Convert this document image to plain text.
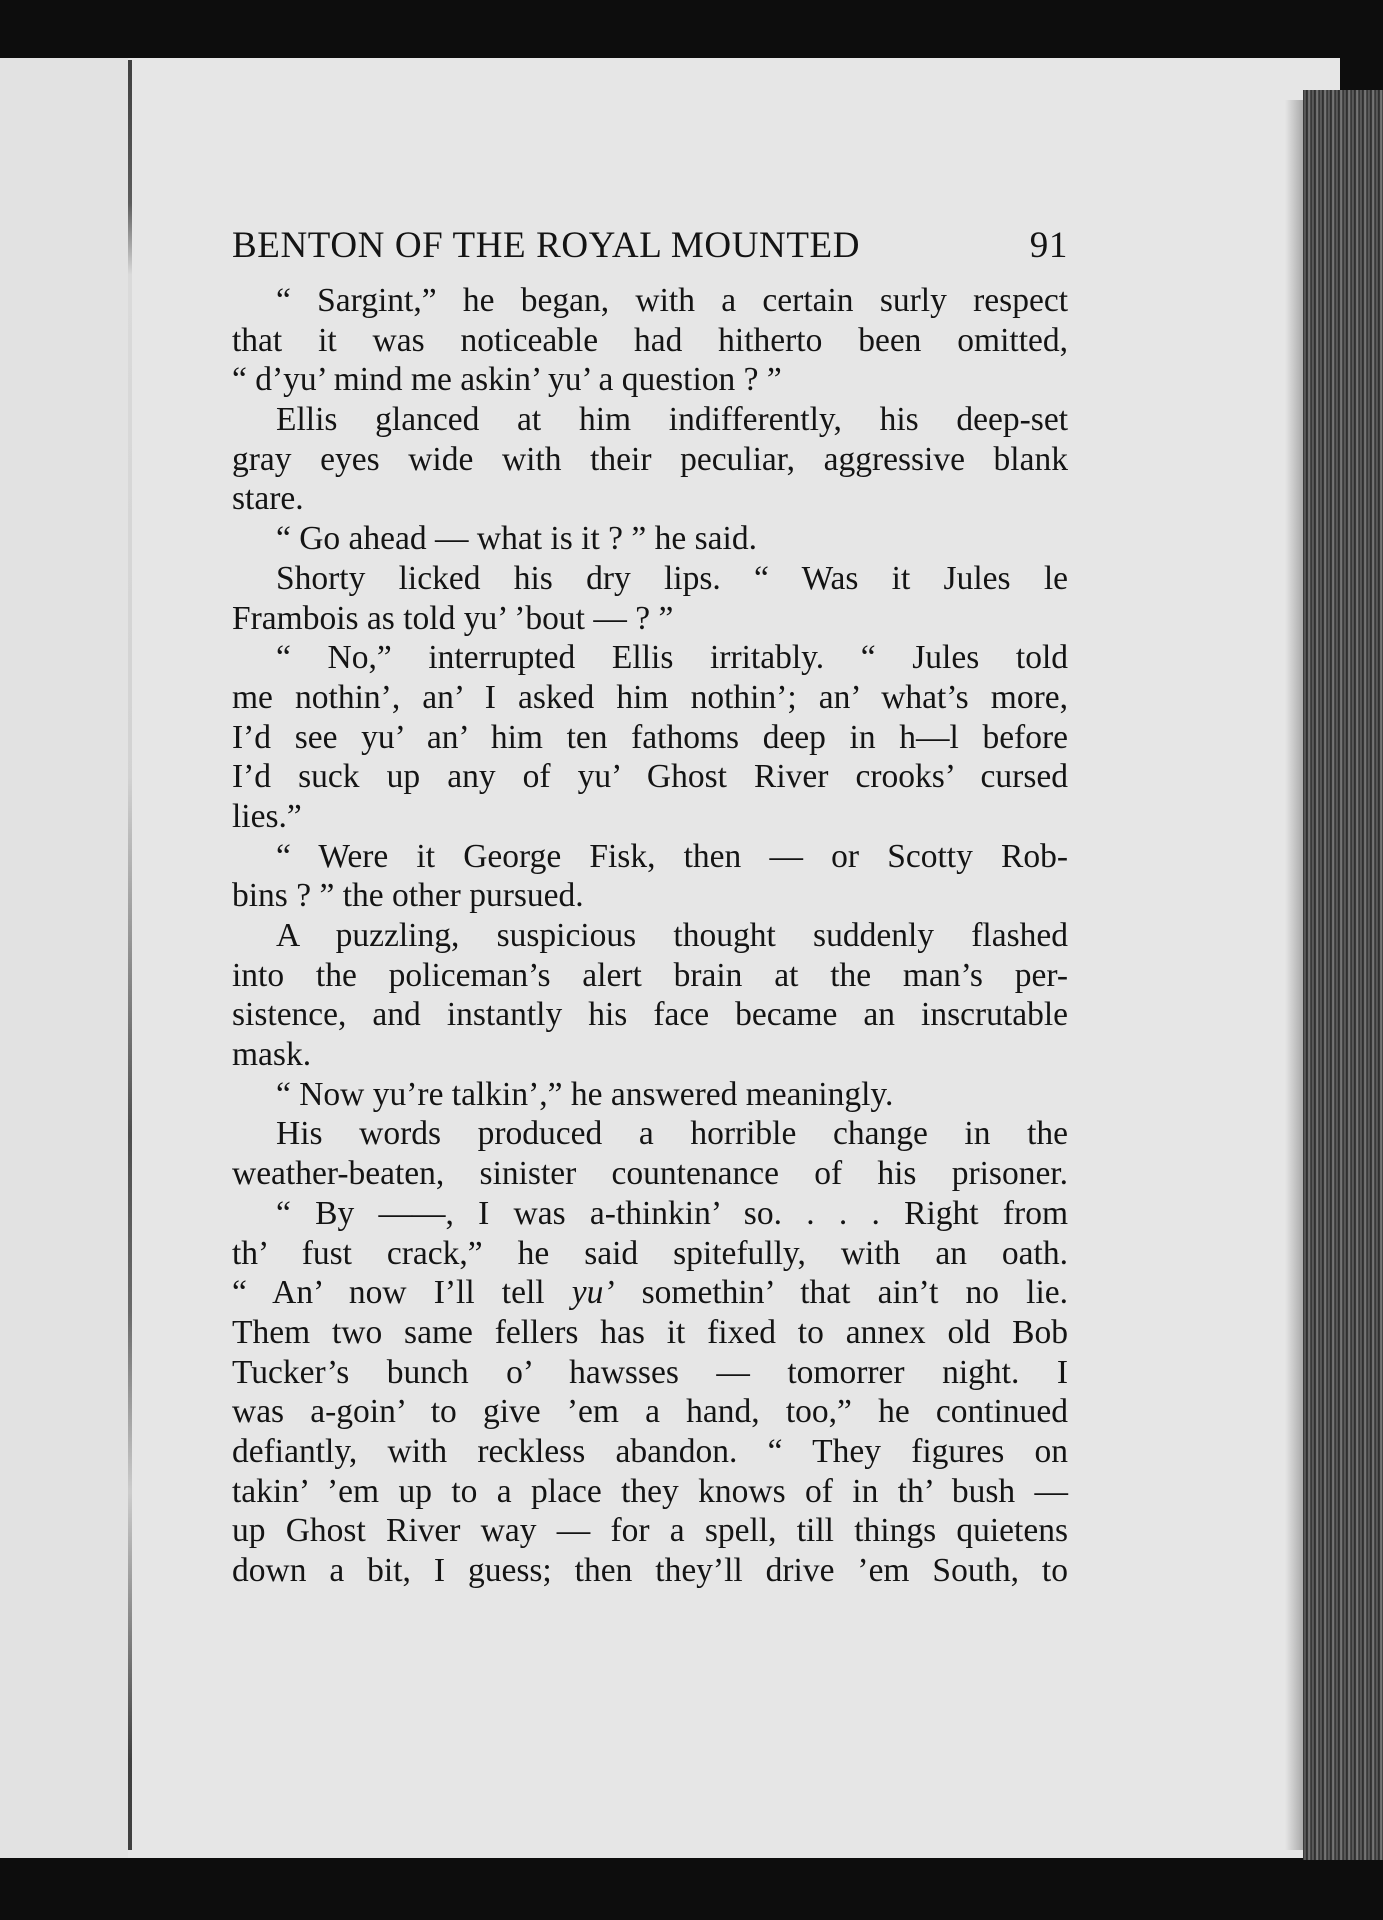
BENTON OF THE ROYAL MOUNTED	91
“ Sargint,” he began, with a certain surly respect
that it was noticeable had hitherto been omitted,
“ d’yu’ mind me askin’ yu’ a question ? ”
Ellis glanced at him indifferently, his deep-set
gray eyes wide with their peculiar, aggressive blank
stare.
“ Go ahead — what is it ? ” he said.
Shorty licked his dry lips. “ Was it Jules le
Frambois as told yu’ ’bout — ? ”
“ No,” interrupted Ellis irritably. “ Jules told
me nothin’, an’ I asked him nothin’; an’ what’s more,
I’d see yu’ an’ him ten fathoms deep in h—l before
I’d suck up any of yu’ Ghost River crooks’ cursed
lies.”
“ Were it George Fisk, then — or Scotty Rob-
bins ? ” the other pursued.
A puzzling, suspicious thought suddenly flashed
into the policeman’s alert brain at the man’s per-
sistence, and instantly his face became an inscrutable
mask.
“ Now yu’re talkin’,” he answered meaningly.
His words produced a horrible change in the
weather-beaten, sinister countenance of his prisoner.
“ By ——, I was a-thinkin’ so. . . . Right from
th’ fust crack,” he said spitefully, with an oath.
“ An’ now I’ll tell yu’ somethin’ that ain’t no lie.
Them two same fellers has it fixed to annex old Bob
Tucker’s bunch o’ hawsses — tomorrer night. I
was a-goin’ to give ’em a hand, too,” he continued
defiantly, with reckless abandon. “ They figures on
takin’ ’em up to a place they knows of in th’ bush —
up Ghost River way — for a spell, till things quietens
down a bit, I guess; then they’ll drive ’em South, to
